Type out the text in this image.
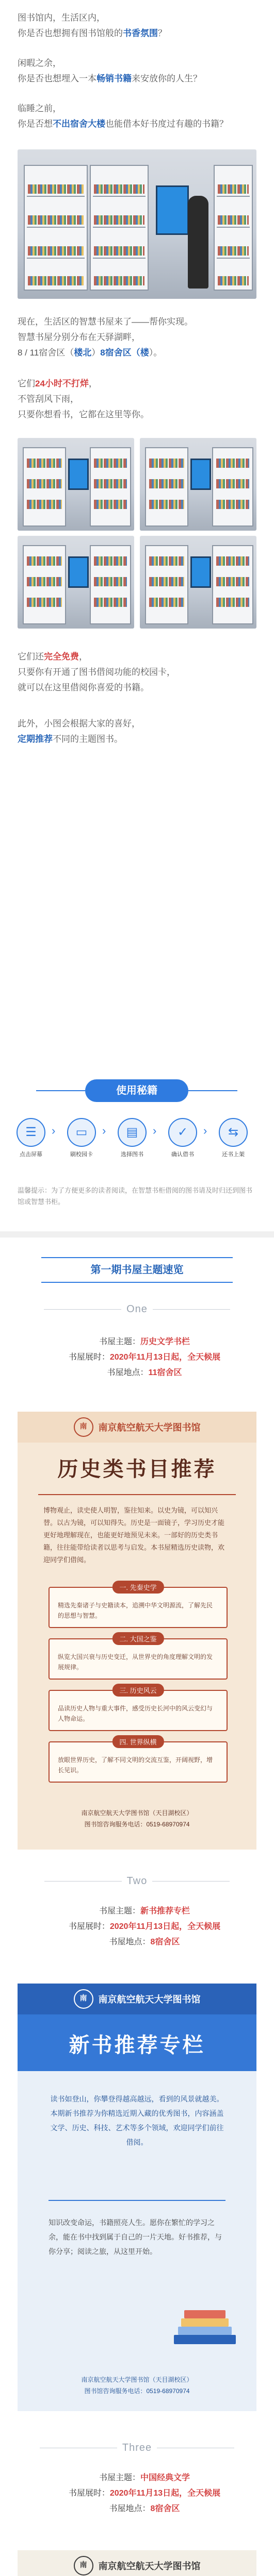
图书馆内，生活区内，

你是否也想拥有图书馆般的书香氛围？

闲暇之余，

你是否也想埋入一本畅销书籍来安放你的人生？

临睡之前，

你是否想不出宿舍大楼也能借本好书度过有趣的书籍？

现在，生活区的智慧书屋来了——帮你实现。

智慧书屋分别分布在天驿湖畔，

8 / 11宿舍区（楼北）8宿舍区（楼）。

它们24小时不打烊，

不管刮风下雨，

只要你想看书，它都在这里等你。

它们还完全免费，

只要你有开通了图书借阅功能的校园卡，

就可以在这里借阅你喜爱的书籍。

此外，小图会根据大家的喜好，

定期推荐不同的主题图书。

使用秘籍
☰
点击屏幕
›	▭
刷校园卡
›	▤
选择图书
›	✓
确认借书
›	⇆
还书上架
温馨提示：为了方便更多的读者阅读，在智慧书柜借阅的图书请及时归还到图书馆或智慧书柜。
第一期书屋主题速览
One
书屋主题：历史文学书栏
书屋展时：2020年11月13日起，全天候展
书屋地点：11宿舍区
南	南京航空航天大学图书馆
历史类书目推荐
博物观止，读史使人明智，鉴往知来。以史为镜，可以知兴替。以古为镜，可以知得失。历史是一面镜子，学习历史才能更好地理解现在，也能更好地预见未来。一部好的历史类书籍，往往能带给读者以思考与启发。本书屋精选历史读物，欢迎同学们借阅。
一. 先秦史学
精选先秦诸子与史籍读本，追溯中华文明源流，了解先民的思想与智慧。
二. 大国之鉴
纵览大国兴衰与历史变迁，从世界史的角度理解文明的发展规律。
三. 历史风云
品读历史人物与重大事件，感受历史长河中的风云变幻与人物命运。
四. 世界纵横
放眼世界历史，了解不同文明的交流互鉴，开阔视野，增长见识。
南京航空航天大学图书馆（天目湖校区）
图书馆咨询服务电话：0519-68970974
Two
书屋主题：新书推荐专栏
书屋展时：2020年11月13日起，全天候展
书屋地点：8宿舍区
南	南京航空航天大学图书馆
新书推荐专栏
读书如登山，你攀登得越高越远，看到的风景就越美。本期新书推荐为你精选近期入藏的优秀图书，内容涵盖文学、历史、科技、艺术等多个领域，欢迎同学们前往借阅。
知识改变命运，书籍照亮人生。愿你在繁忙的学习之余，能在书中找到属于自己的一片天地。好书推荐，与你分享；阅读之旅，从这里开始。
南京航空航天大学图书馆（天目湖校区）
图书馆咨询服务电话：0519-68970974
Three
书屋主题：中国经典文学
书屋展时：2020年11月13日起，全天候展
书屋地点：8宿舍区
南	南京航空航天大学图书馆
